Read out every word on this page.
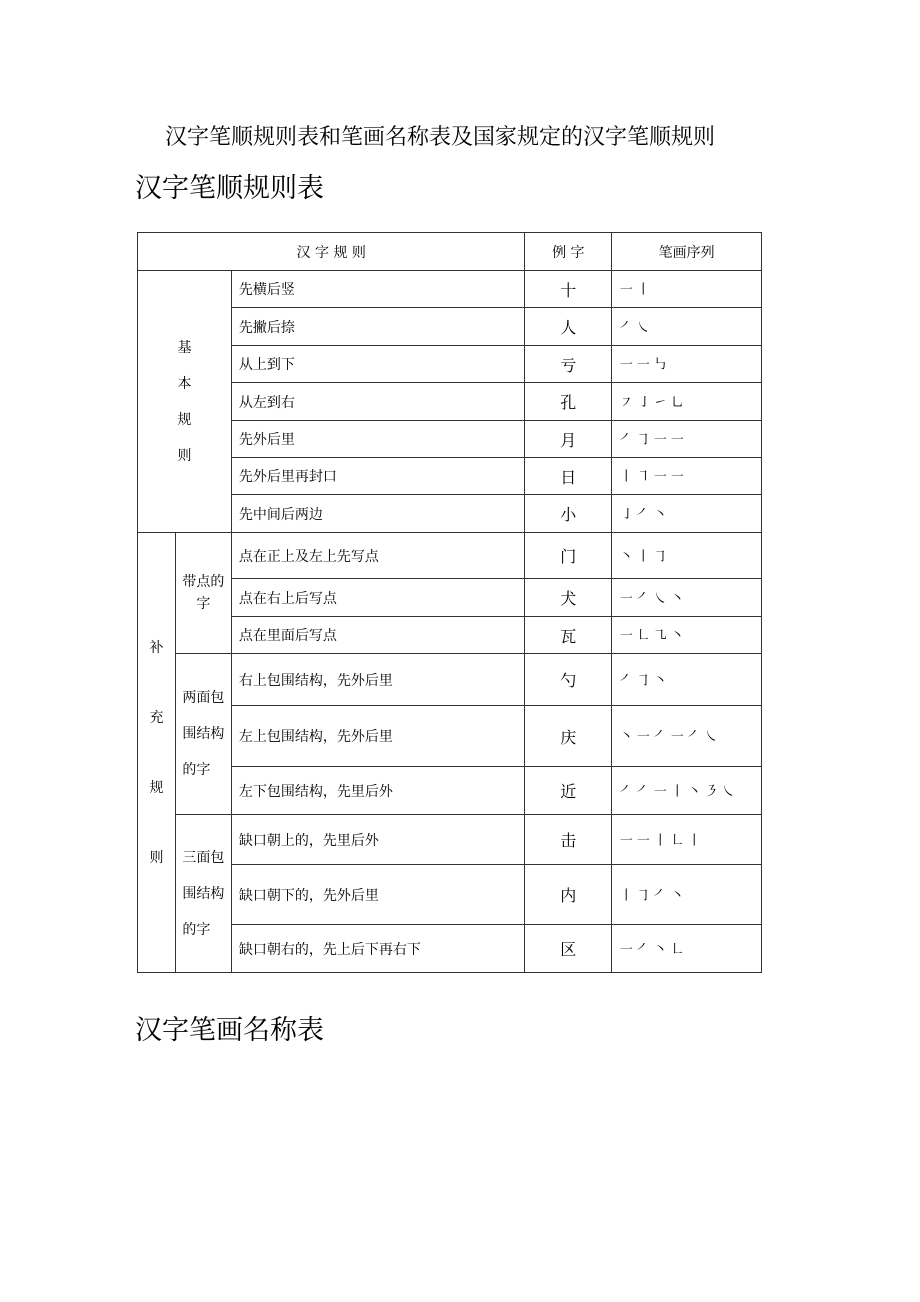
汉字笔顺规则表和笔画名称表及国家规定的汉字笔顺规则
汉字笔顺规则表
汉 字 规 则			例 字	笔画序列

基本规则		先横后竖	十	㇐㇑
		先撇后捺	人	㇒㇏
		从上到下	亏	㇐㇐㇉
		从左到右	孔	㇇㇚㇀㇟
		先外后里	月	㇒㇆㇐㇐
		先外后里再封口	日	㇑㇕㇐㇐
		先中间后两边	小	㇚㇒㇔

补充规则	带点的字	点在正上及左上先写点	门	㇔㇑㇆
		点在右上后写点	犬	㇐㇒㇏㇔
		点在里面后写点	瓦	㇐㇗㇈㇔

	两面包围结构的字	右上包围结构，先外后里	勺	㇒㇆㇔
		左上包围结构，先外后里	庆	㇔㇐㇒㇐㇒㇏
		左下包围结构，先里后外	近	㇒㇒㇐㇑㇔㇋㇏

	三面包围结构的字	缺口朝上的，先里后外	击	㇐㇐㇑㇗㇑
		缺口朝下的，先外后里	内	㇑㇆㇒㇔
		缺口朝右的，先上后下再右下	区	㇐㇒㇔㇗
汉字笔画名称表
